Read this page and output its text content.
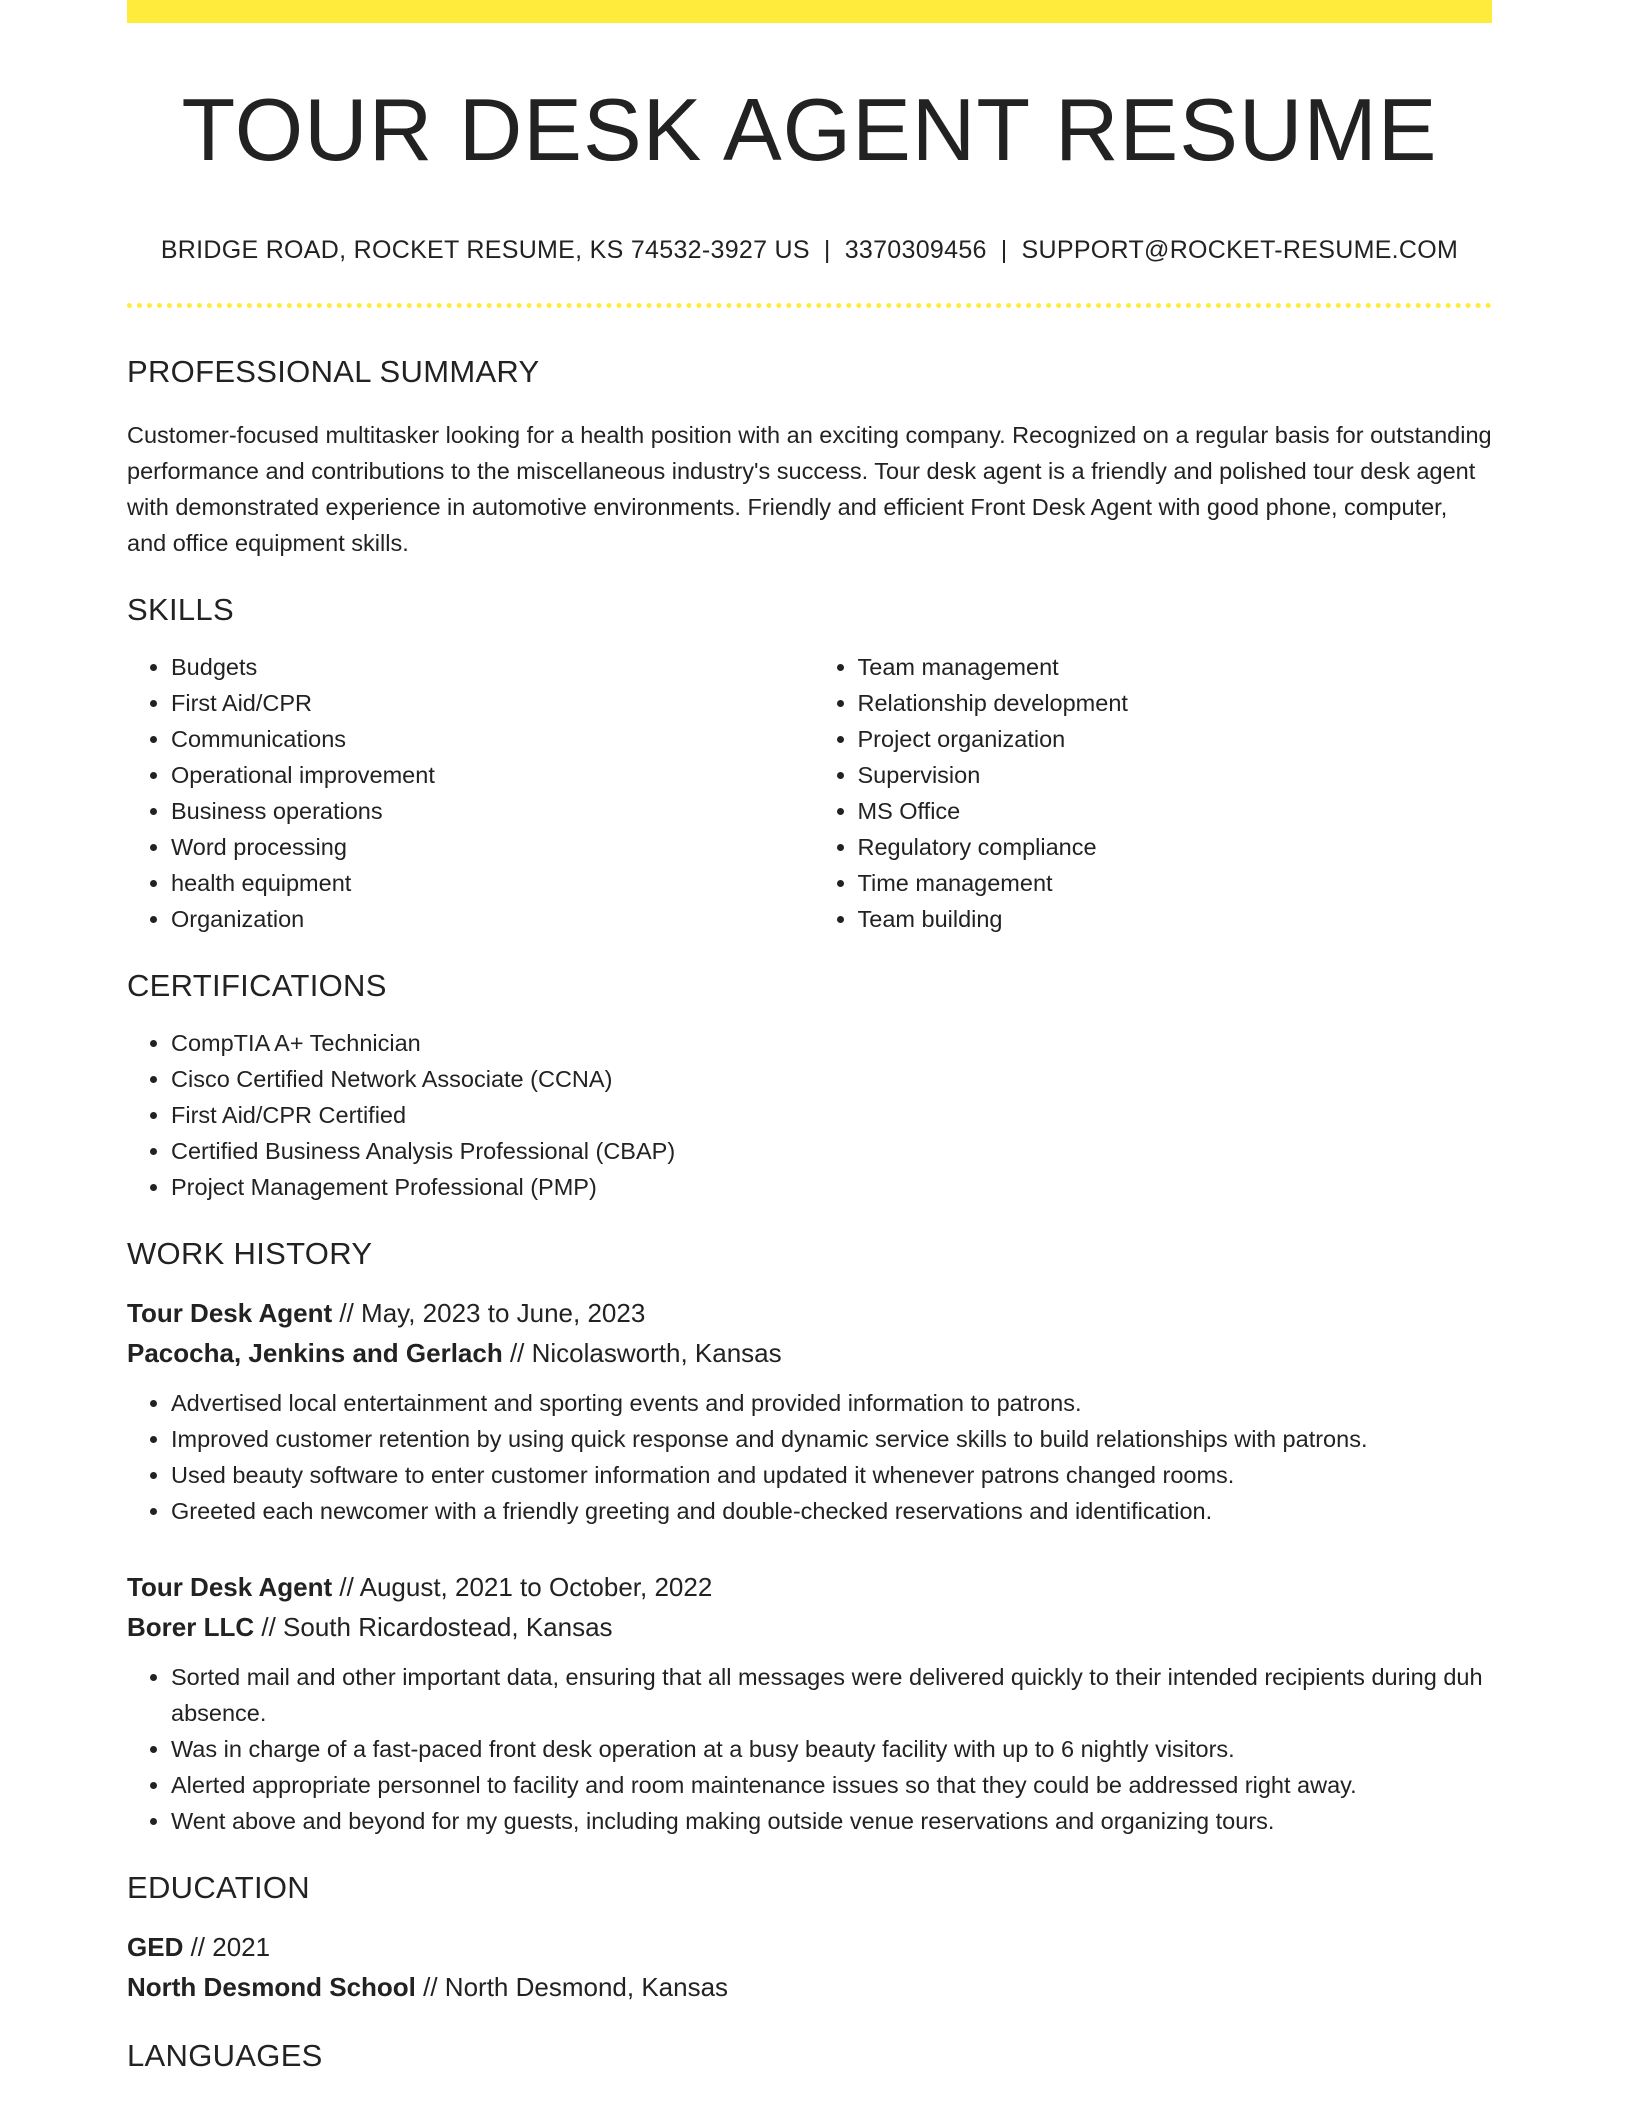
TOUR DESK AGENT RESUME
BRIDGE ROAD, ROCKET RESUME, KS 74532-3927 US | 3370309456 | SUPPORT@ROCKET-RESUME.COM
PROFESSIONAL SUMMARY
Customer-focused multitasker looking for a health position with an exciting company. Recognized on a regular basis for outstanding performance and contributions to the miscellaneous industry's success. Tour desk agent is a friendly and polished tour desk agent with demonstrated experience in automotive environments. Friendly and efficient Front Desk Agent with good phone, computer, and office equipment skills.
SKILLS
• Budgets
• First Aid/CPR
• Communications
• Operational improvement
• Business operations
• Word processing
• health equipment
• Organization
• Team management
• Relationship development
• Project organization
• Supervision
• MS Office
• Regulatory compliance
• Time management
• Team building
CERTIFICATIONS
• CompTIA A+ Technician
• Cisco Certified Network Associate (CCNA)
• First Aid/CPR Certified
• Certified Business Analysis Professional (CBAP)
• Project Management Professional (PMP)
WORK HISTORY
Tour Desk Agent // May, 2023 to June, 2023
Pacocha, Jenkins and Gerlach // Nicolasworth, Kansas
• Advertised local entertainment and sporting events and provided information to patrons.
• Improved customer retention by using quick response and dynamic service skills to build relationships with patrons.
• Used beauty software to enter customer information and updated it whenever patrons changed rooms.
• Greeted each newcomer with a friendly greeting and double-checked reservations and identification.
Tour Desk Agent // August, 2021 to October, 2022
Borer LLC // South Ricardostead, Kansas
• Sorted mail and other important data, ensuring that all messages were delivered quickly to their intended recipients during duh absence.
• Was in charge of a fast-paced front desk operation at a busy beauty facility with up to 6 nightly visitors.
• Alerted appropriate personnel to facility and room maintenance issues so that they could be addressed right away.
• Went above and beyond for my guests, including making outside venue reservations and organizing tours.
EDUCATION
GED // 2021
North Desmond School // North Desmond, Kansas
LANGUAGES
